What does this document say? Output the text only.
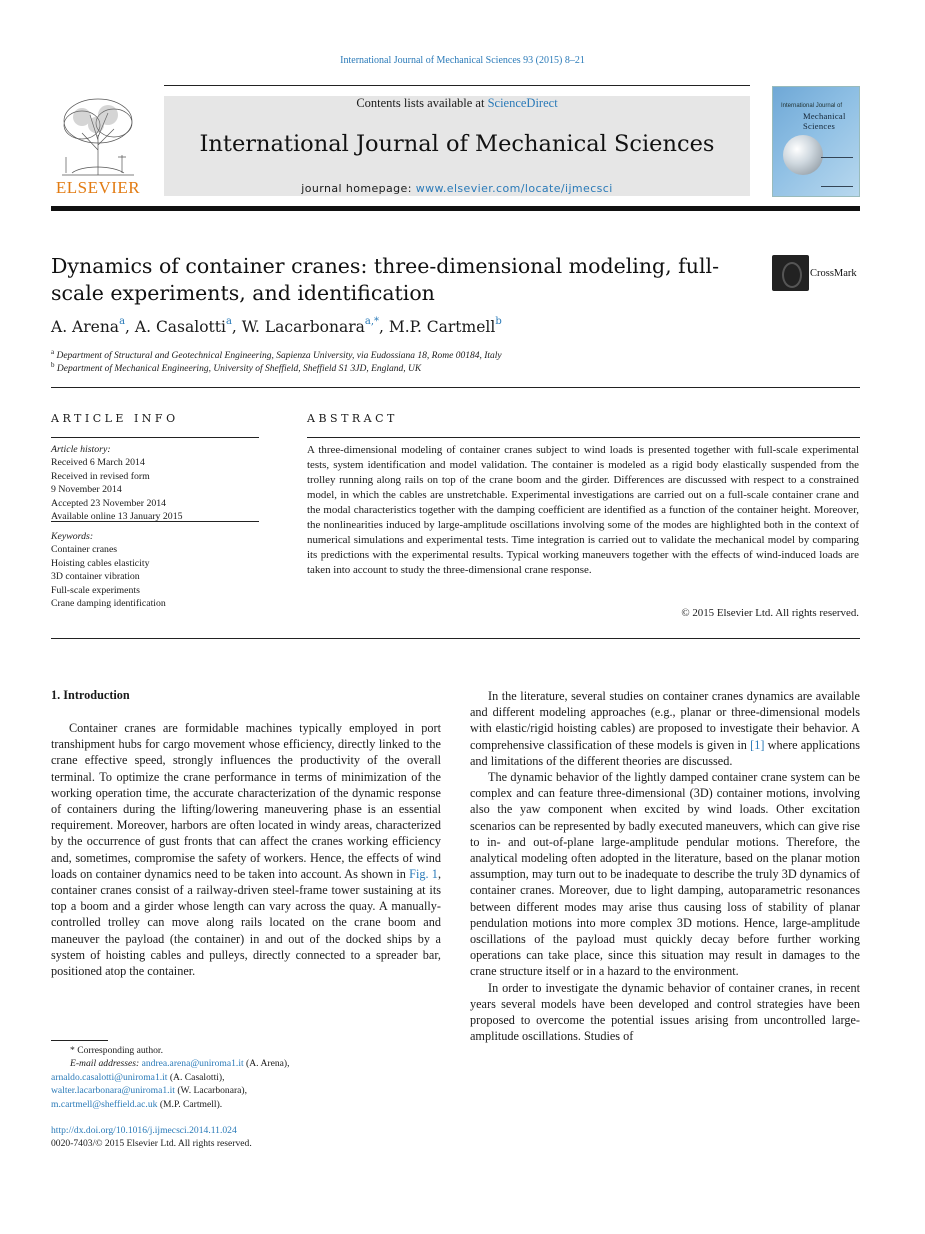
International Journal of Mechanical Sciences 93 (2015) 8–21
ELSEVIER
Contents lists available at ScienceDirect
International Journal of Mechanical Sciences
journal homepage: www.elsevier.com/locate/ijmecsci
International Journal of
Mechanical
Sciences
Dynamics of container cranes: three-dimensional modeling, full-scale experiments, and identification
CrossMark
A. Arena$^a$, A. Casalotti$^a$, W. Lacarbonara$^{a,*}$, M.P. Cartmell$^b$
$^a$ Department of Structural and Geotechnical Engineering, Sapienza University, via Eudossiana 18, Rome 00184, Italy
$^b$ Department of Mechanical Engineering, University of Sheffield, Sheffield S1 3JD, England, UK
ARTICLE INFO	ABSTRACT
Article history:
Received 6 March 2014
Received in revised form
9 November 2014
Accepted 23 November 2014
Available online 13 January 2015
Keywords:
Container cranes
Hoisting cables elasticity
3D container vibration
Full-scale experiments
Crane damping identification
A three-dimensional modeling of container cranes subject to wind loads is presented together with full-scale experimental tests, system identification and model validation. The container is modeled as a rigid body elastically suspended from the trolley running along rails on top of the crane boom and the girder. Differences are discussed with respect to a constrained model, in which the cables are unstretchable. Experimental investigations are carried out on a full-scale container crane and the modal characteristics together with the damping coefficient are identified as a function of the container height. Moreover, the nonlinearities induced by large-amplitude oscillations involving some of the modes are highlighted both in the context of numerical simulations and experimental tests. Time integration is carried out to validate the mechanical model by comparing its predictions with the experimental results. Typical working maneuvers together with the effects of wind-induced loads are taken into account to study the three-dimensional crane response.
© 2015 Elsevier Ltd. All rights reserved.
1. Introduction

Container cranes are formidable machines typically employed in port transhipment hubs for cargo movement whose efficiency, directly linked to the crane effective speed, strongly influences the productivity of the overall terminal. To optimize the crane performance in terms of minimization of the working operation time, the accurate characterization of the dynamic response of containers during the lifting/lowering maneuvering phase is an essential requirement. Moreover, harbors are often located in windy areas, characterized by the occurrence of gust fronts that can affect the cranes working efficiency and, sometimes, compromise the safety of workers. Hence, the effects of wind loads on container dynamics need to be taken into account. As shown in Fig. 1, container cranes consist of a railway-driven steel-frame tower sustaining at its top a boom and a girder whose length can vary across the quay. A manually-controlled trolley can move along rails located on the crane boom and maneuver the payload (the container) in and out of the docked ships by a system of hoisting cables and pulleys, directly connected to a spreader bar, positioned atop the container.

In the literature, several studies on container cranes dynamics are available and different modeling approaches (e.g., planar or three-dimensional models with elastic/rigid hoisting cables) are proposed to investigate their behavior. A comprehensive classification of these models is given in [1] where applications and limitations of the different theories are discussed.

The dynamic behavior of the lightly damped container crane system can be complex and can feature three-dimensional (3D) container motions, involving also the yaw component when excited by wind loads. Other excitation scenarios can be represented by badly executed maneuvers, which can give rise to in- and out-of-plane large-amplitude pendular motions. Therefore, the analytical modeling often adopted in the literature, based on the planar motion assumption, may turn out to be inadequate to describe the truly 3D dynamics of container cranes. Moreover, due to light damping, autoparametric resonances between different modes may arise thus causing loss of stability of planar pendulation motions into more complex 3D motions. Hence, large-amplitude oscillations of the payload must quickly decay before further working operations can take place, since this situation may result in damages to the crane structure itself or in a hazard to the environment.

In order to investigate the dynamic behavior of container cranes, in recent years several models have been developed and control strategies have been proposed to overcome the potential issues arising from uncontrolled large-amplitude oscillations. Studies of

* Corresponding author.
E-mail addresses: andrea.arena@uniroma1.it (A. Arena),
arnaldo.casalotti@uniroma1.it (A. Casalotti),
walter.lacarbonara@uniroma1.it (W. Lacarbonara),
m.cartmell@sheffield.ac.uk (M.P. Cartmell).
http://dx.doi.org/10.1016/j.ijmecsci.2014.11.024
0020-7403/© 2015 Elsevier Ltd. All rights reserved.
